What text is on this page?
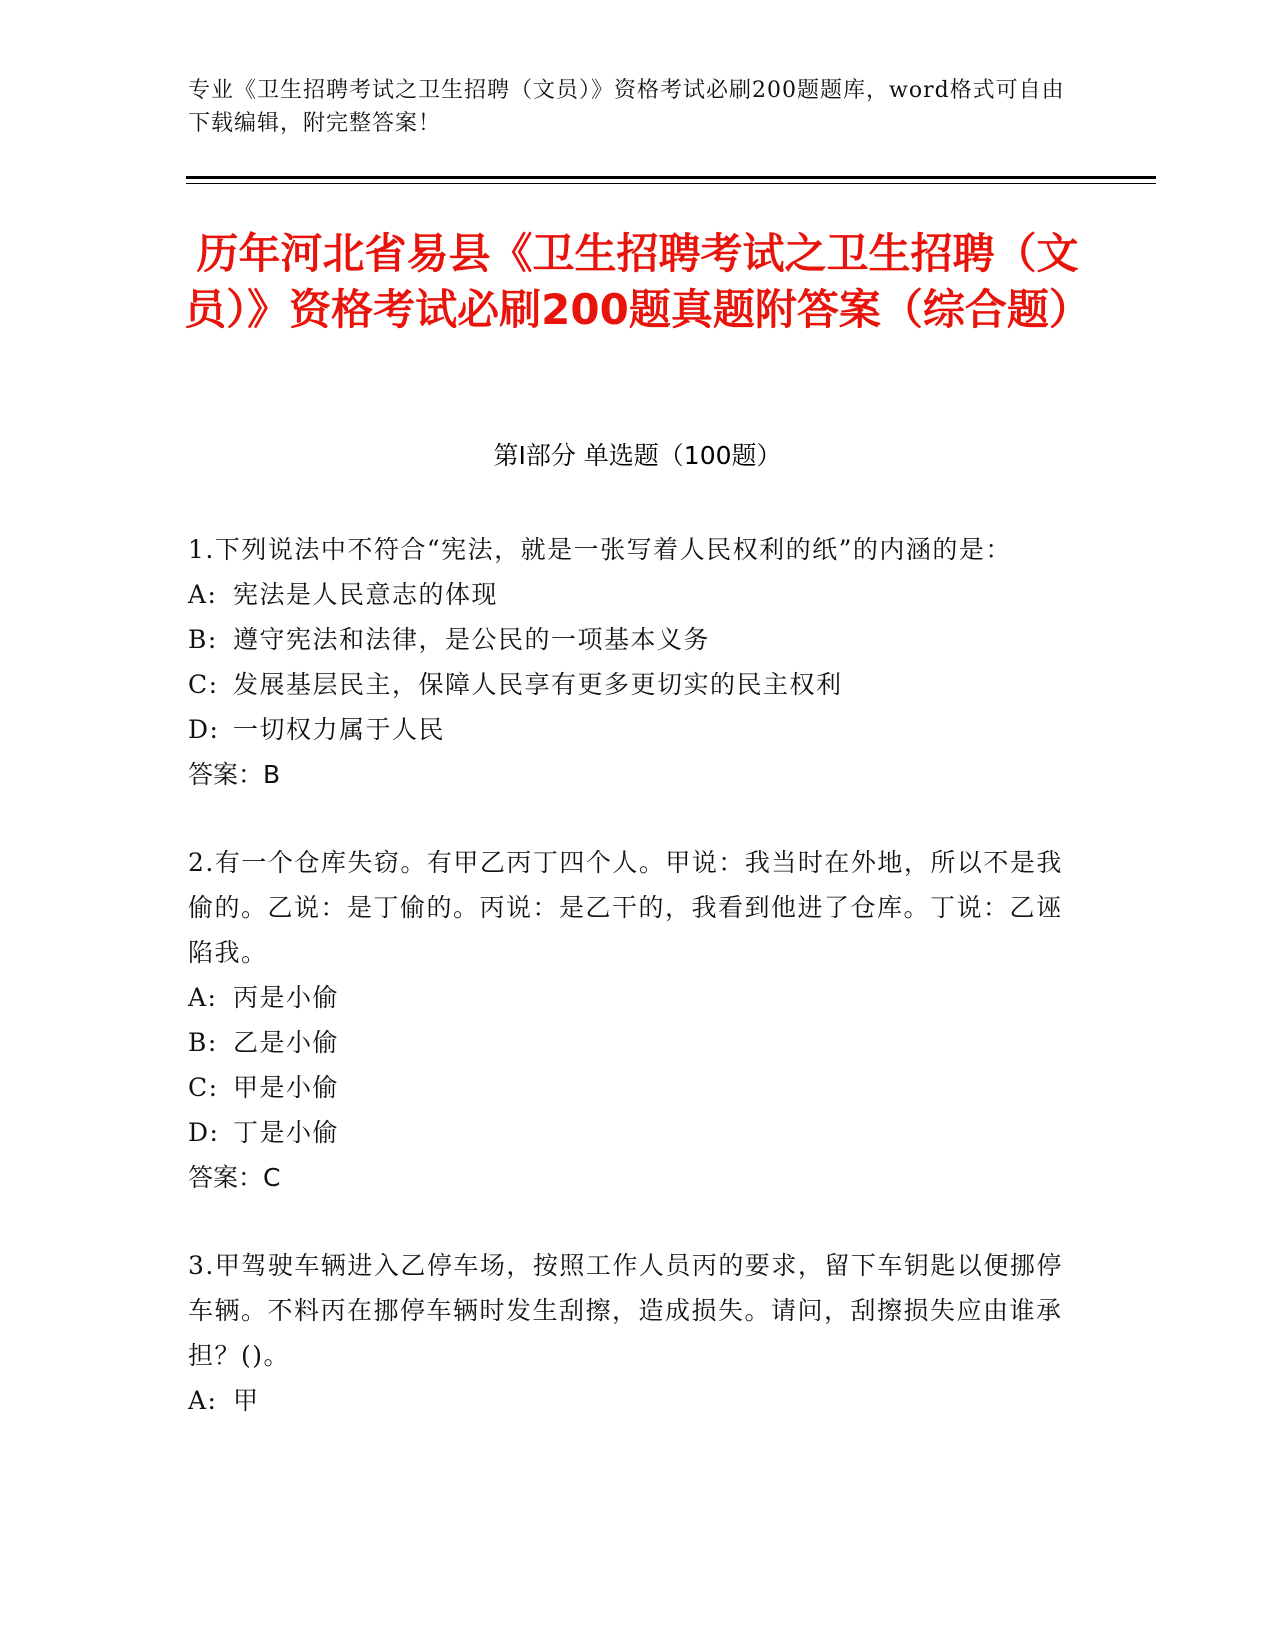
专业《卫生招聘考试之卫生招聘（文员）》资格考试必刷200题题库，word格式可自由下载编辑，附完整答案！
历年河北省易县《卫生招聘考试之卫生招聘（文员）》资格考试必刷200题真题附答案（综合题）
第Ⅰ部分 单选题（100题）
1.下列说法中不符合“宪法，就是一张写着人民权利的纸”的内涵的是：
A: 宪法是人民意志的体现
B: 遵守宪法和法律，是公民的一项基本义务
C: 发展基层民主，保障人民享有更多更切实的民主权利
D: 一切权力属于人民
答案：B
2.有一个仓库失窃。有甲乙丙丁四个人。甲说：我当时在外地，所以不是我偷的。乙说：是丁偷的。丙说：是乙干的，我看到他进了仓库。丁说：乙诬陷我。
A: 丙是小偷
B: 乙是小偷
C: 甲是小偷
D: 丁是小偷
答案：C
3.甲驾驶车辆进入乙停车场，按照工作人员丙的要求，留下车钥匙以便挪停车辆。不料丙在挪停车辆时发生刮擦，造成损失。请问，刮擦损失应由谁承担？()。
A: 甲
